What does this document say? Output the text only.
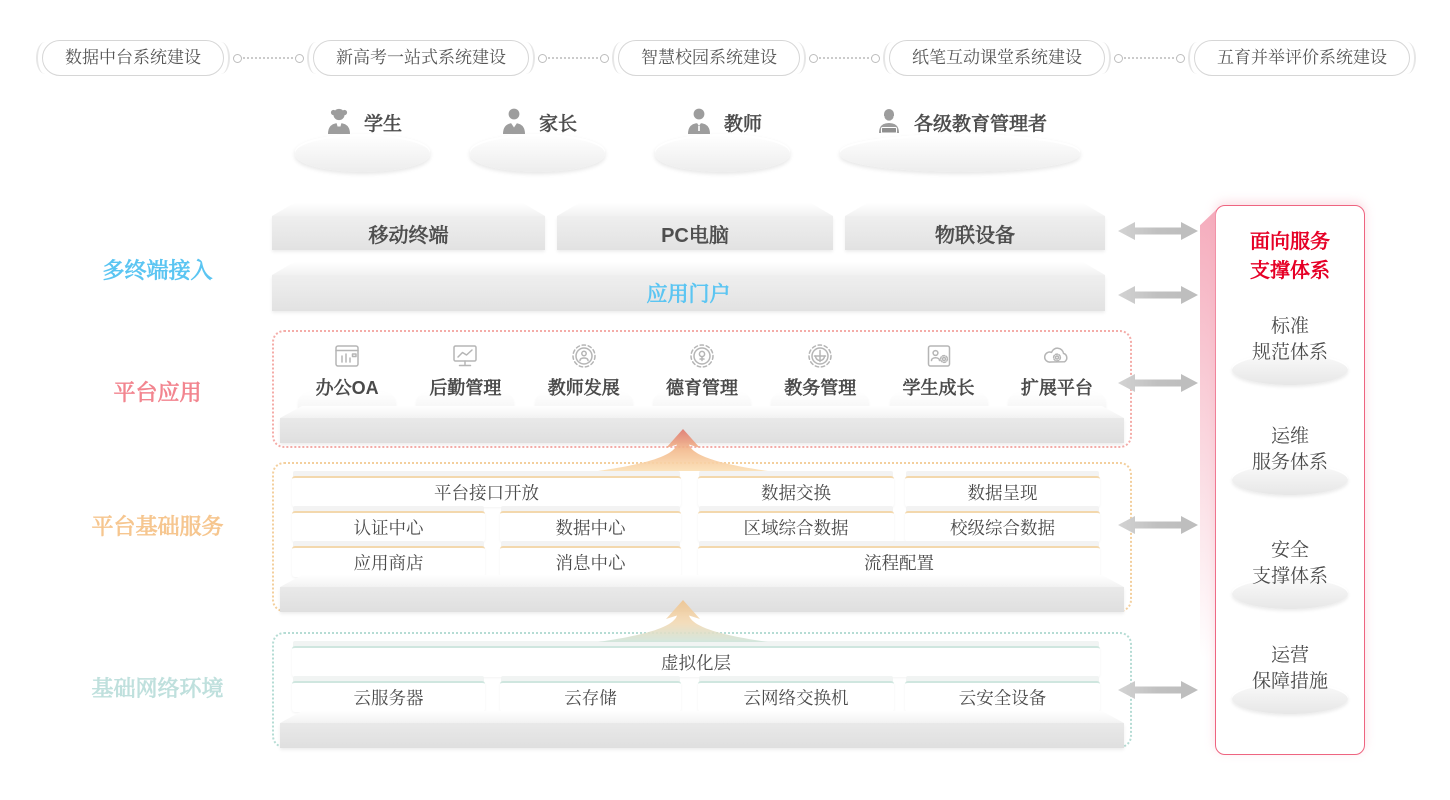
数据中台系统建设	新高考一站式系统建设	智慧校园系统建设	纸笔互动课堂系统建设	五育并举评价系统建设
学生	家长	教师	各级教育管理者
多终端接入
平台应用
平台基础服务
基础网络环境
移动终端	PC电脑	物联设备
应用门户
办公OA	后勤管理	教师发展	德育管理	教务管理	学生成长	扩展平台
平台接口开放	数据交换	数据呈现
认证中心	数据中心	区域综合数据	校级综合数据
应用商店	消息中心	流程配置
虚拟化层
云服务器	云存储	云网络交换机	云安全设备
面向服务
支撑体系
标准
规范体系
运维
服务体系
安全
支撑体系
运营
保障措施
